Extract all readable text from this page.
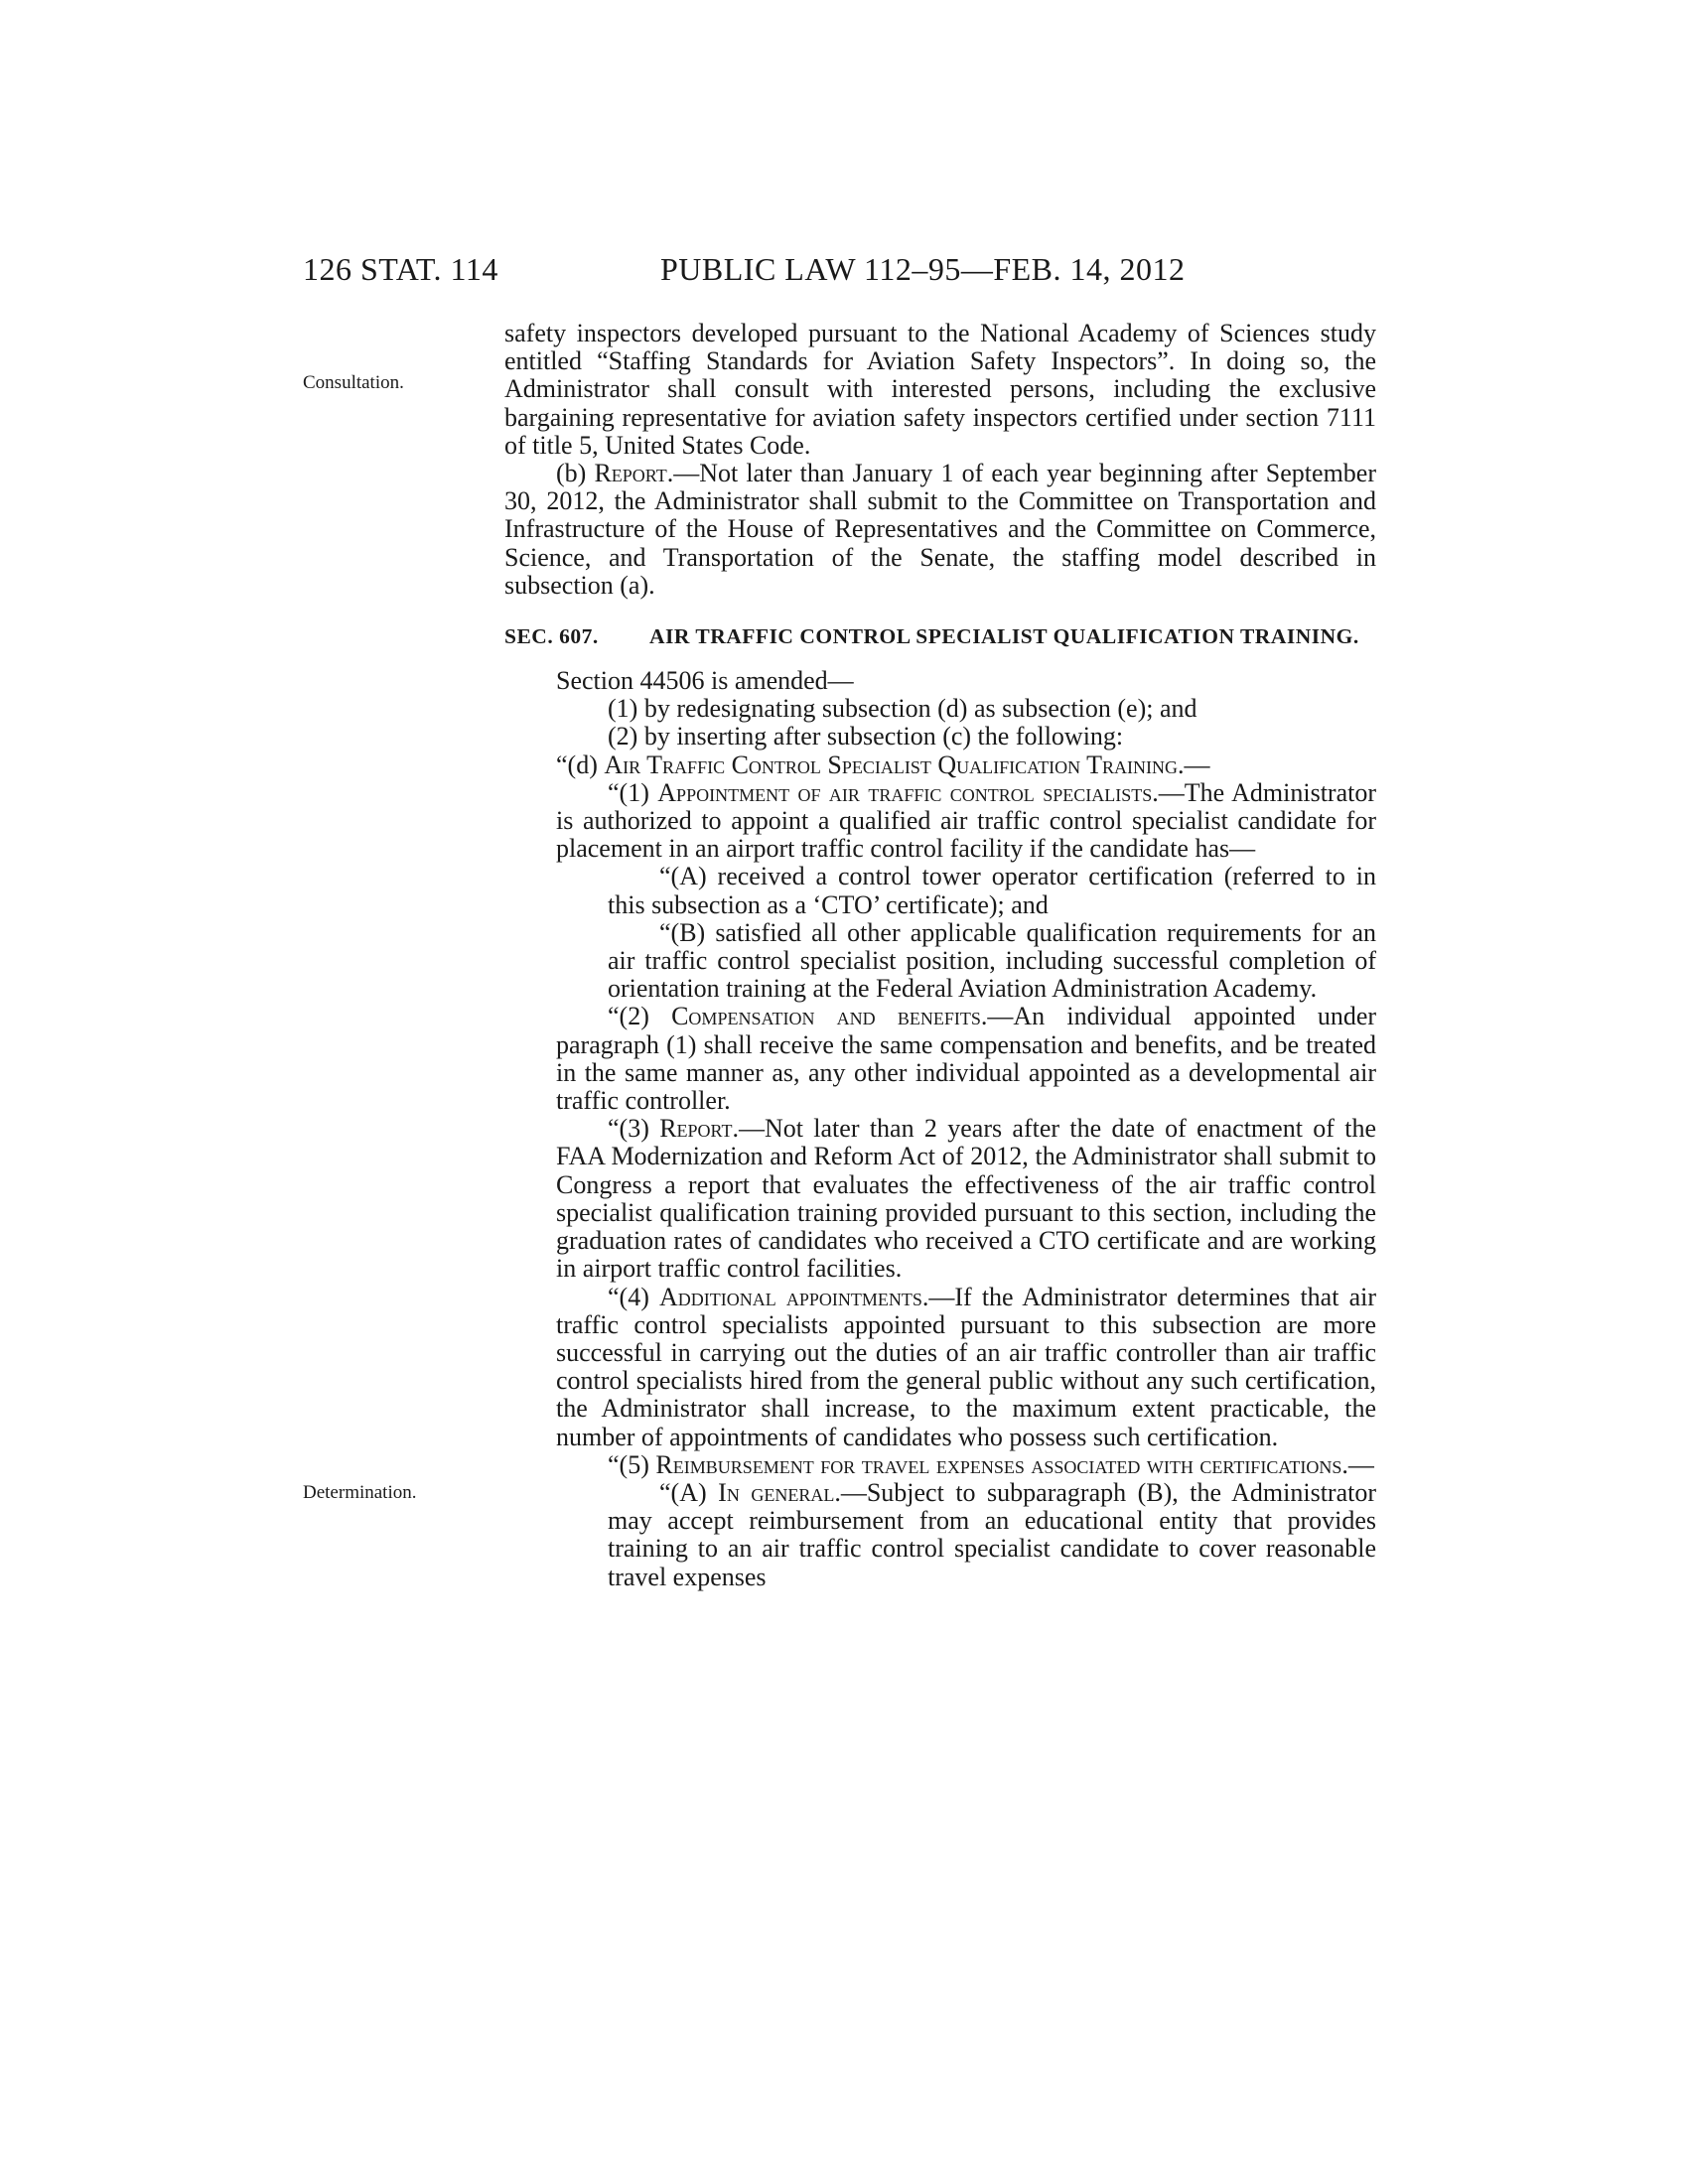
126 STAT. 114	PUBLIC LAW 112–95—FEB. 14, 2012
Consultation.
Determination.

safety inspectors developed pursuant to the National Academy of Sciences study entitled “Staffing Standards for Aviation Safety Inspectors”. In doing so, the Administrator shall consult with interested persons, including the exclusive bargaining representative for aviation safety inspectors certified under section 7111 of title 5, United States Code.

(b) Report.—Not later than January 1 of each year beginning after September 30, 2012, the Administrator shall submit to the Committee on Transportation and Infrastructure of the House of Representatives and the Committee on Commerce, Science, and Transportation of the Senate, the staffing model described in subsection (a).

SEC. 607. AIR TRAFFIC CONTROL SPECIALIST QUALIFICATION TRAINING.

Section 44506 is amended—

(1) by redesignating subsection (d) as subsection (e); and

(2) by inserting after subsection (c) the following:

“(d) Air Traffic Control Specialist Qualification Training.—

“(1) Appointment of air traffic control specialists.—The Administrator is authorized to appoint a qualified air traffic control specialist candidate for placement in an airport traffic control facility if the candidate has—

“(A) received a control tower operator certification (referred to in this subsection as a ‘CTO’ certificate); and

“(B) satisfied all other applicable qualification requirements for an air traffic control specialist position, including successful completion of orientation training at the Federal Aviation Administration Academy.

“(2) Compensation and benefits.—An individual appointed under paragraph (1) shall receive the same compensation and benefits, and be treated in the same manner as, any other individual appointed as a developmental air traffic controller.

“(3) Report.—Not later than 2 years after the date of enactment of the FAA Modernization and Reform Act of 2012, the Administrator shall submit to Congress a report that evaluates the effectiveness of the air traffic control specialist qualification training provided pursuant to this section, including the graduation rates of candidates who received a CTO certificate and are working in airport traffic control facilities.

“(4) Additional appointments.—If the Administrator determines that air traffic control specialists appointed pursuant to this subsection are more successful in carrying out the duties of an air traffic controller than air traffic control specialists hired from the general public without any such certification, the Administrator shall increase, to the maximum extent practicable, the number of appointments of candidates who possess such certification.

“(5) Reimbursement for travel expenses associated with certifications.—

“(A) In general.—Subject to subparagraph (B), the Administrator may accept reimbursement from an educational entity that provides training to an air traffic control specialist candidate to cover reasonable travel expenses
